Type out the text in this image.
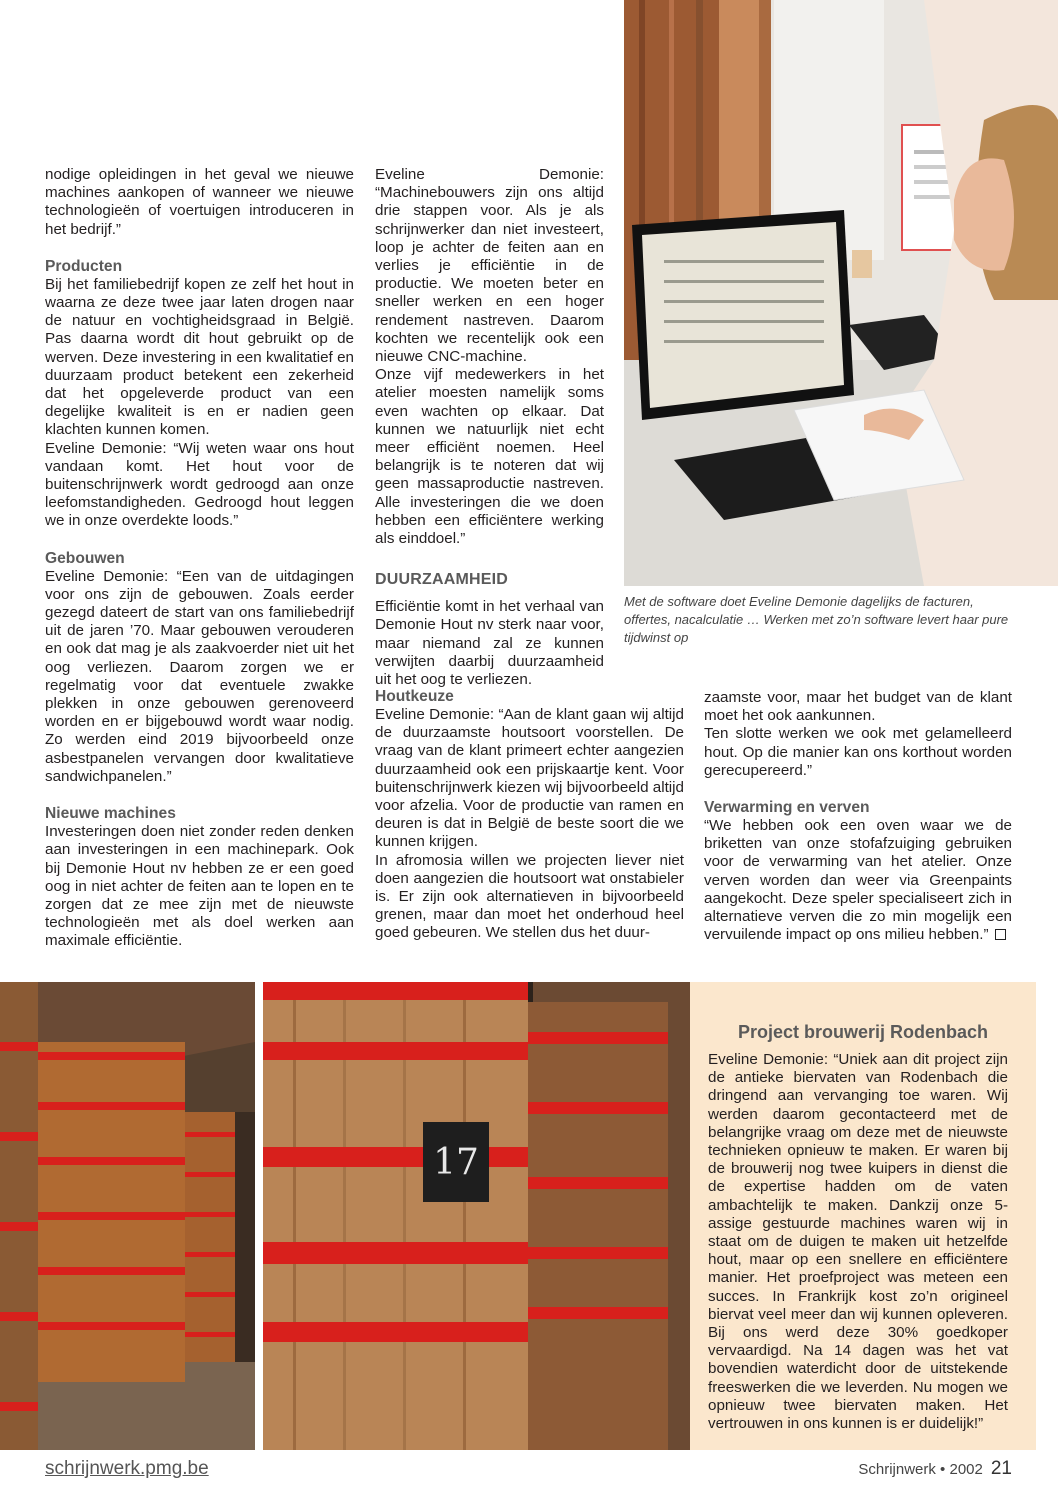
nodige opleidingen in het geval we nieuwe machines aankopen of wanneer we nieuwe technologieën of voertuigen introduceren in het bedrijf.”

Producten

Bij het familiebedrijf kopen ze zelf het hout in waarna ze deze twee jaar laten drogen naar de natuur en vochtigheidsgraad in België. Pas daarna wordt dit hout gebruikt op de werven. Deze investering in een kwalitatief en duurzaam product betekent een zekerheid dat het opgeleverde product van een degelijke kwaliteit is en er nadien geen klachten kunnen komen.

Eveline Demonie: “Wij weten waar ons hout vandaan komt. Het hout voor de buitenschrijnwerk wordt gedroogd aan onze leefomstandigheden. Gedroogd hout leggen we in onze overdekte loods.”

Gebouwen

Eveline Demonie: “Een van de uitdagingen voor ons zijn de gebouwen. Zoals eerder gezegd dateert de start van ons familiebedrijf uit de jaren ’70. Maar gebouwen verouderen en ook dat mag je als zaakvoerder niet uit het oog verliezen. Daarom zorgen we er regelmatig voor dat eventuele zwakke plekken in onze gebouwen gerenoveerd worden en er bijgebouwd wordt waar nodig. Zo werden eind 2019 bijvoorbeeld onze asbestpanelen vervangen door kwalitatieve sandwichpanelen.”

Nieuwe machines

Investeringen doen niet zonder reden denken aan investeringen in een machinepark. Ook bij Demonie Hout nv hebben ze er een goed oog in niet achter de feiten aan te lopen en te zorgen dat ze mee zijn met de nieuwste technologieën met als doel werken aan maximale efficiëntie.

Eveline Demonie: “Machinebouwers zijn ons altijd drie stappen voor. Als je als schrijnwerker dan niet investeert, loop je achter de feiten aan en verlies je efficiëntie in de productie. We moeten beter en sneller werken en een hoger rendement nastreven. Daarom kochten we recentelijk ook een nieuwe CNC-machine.

Onze vijf medewerkers in het atelier moesten namelijk soms even wachten op elkaar. Dat kunnen we natuurlijk niet echt meer efficiënt noemen. Heel belangrijk is te noteren dat wij geen massaproductie nastreven. Alle investeringen die we doen hebben een efficiëntere werking als einddoel.”

DUURZAAMHEID

Efficiëntie komt in het verhaal van Demonie Hout nv sterk naar voor, maar niemand zal ze kunnen verwijten daarbij duurzaamheid uit het oog te verliezen.

Houtkeuze

Eveline Demonie: “Aan de klant gaan wij altijd de duurzaamste houtsoort voorstellen. De vraag van de klant primeert echter aangezien duurzaamheid ook een prijskaartje kent. Voor buitenschrijnwerk kiezen wij bijvoorbeeld altijd voor afzelia. Voor de productie van ramen en deuren is dat in België de beste soort die we kunnen krijgen.

In afromosia willen we projecten liever niet doen aangezien die houtsoort wat onstabieler is. Er zijn ook alternatieven in bijvoorbeeld grenen, maar dan moet het onderhoud heel goed gebeuren. We stellen dus het duur-

zaamste voor, maar het budget van de klant moet het ook aankunnen.

Ten slotte werken we ook met gelamelleerd hout. Op die manier kan ons korthout worden gerecupereerd.”

Verwarming en verven

“We hebben ook een oven waar we de briketten van onze stofafzuiging gebruiken voor de verwarming van het atelier. Onze verven worden dan weer via Greenpaints aangekocht. Deze speler specialiseert zich in alternatieve verven die zo min mogelijk een vervuilende impact op ons milieu hebben.”

Met de software doet Eveline Demonie dagelijks de facturen, offertes, nacalculatie … Werken met zo’n software levert haar pure tijdwinst op
17
Project brouwerij Rodenbach

Eveline Demonie: “Uniek aan dit project zijn de antieke biervaten van Rodenbach die dringend aan vervanging toe waren. Wij werden daarom gecontacteerd met de belangrijke vraag om deze met de nieuwste technieken opnieuw te maken. Er waren bij de brouwerij nog twee kuipers in dienst die de expertise hadden om de vaten ambachtelijk te maken. Dankzij onze 5-assige gestuurde machines waren wij in staat om de duigen te maken uit hetzelfde hout, maar op een snellere en efficiëntere manier. Het proefproject was meteen een succes. In Frankrijk kost zo’n origineel biervat veel meer dan wij kunnen opleveren. Bij ons werd deze 30% goedkoper vervaardigd. Na 14 dagen was het vat bovendien waterdicht door de uitstekende freeswerken die we leverden. Nu mogen we opnieuw twee biervaten maken. Het vertrouwen in ons kunnen is er duidelijk!”

schrijnwerk.pmg.be	Schrijnwerk • 2002 21
